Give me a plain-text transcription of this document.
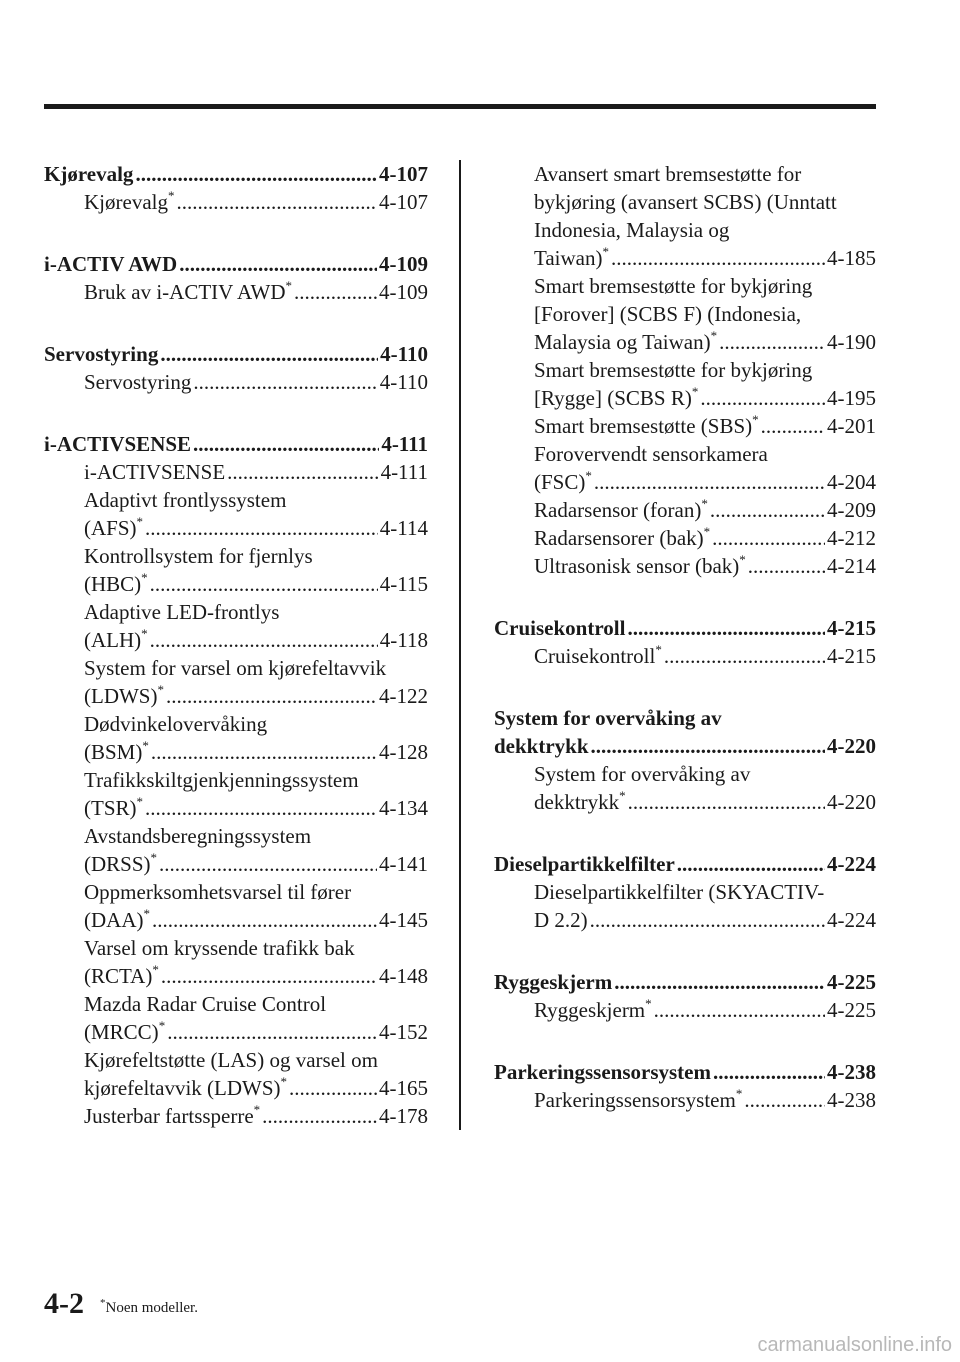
Kjørevalg .....	4-107
Kjørevalg* .....	4-107
i-ACTIV AWD .....	4-109
Bruk av i-ACTIV AWD* .....	4-109
Servostyring .....	4-110
Servostyring .....	4-110
i-ACTIVSENSE .....	4-111
i-ACTIVSENSE .....	4-111
Adaptivt frontlyssystem
(AFS)* .....	4-114
Kontrollsystem for fjernlys
(HBC)* .....	4-115
Adaptive LED-frontlys
(ALH)* .....	4-118
System for varsel om kjørefeltavvik
(LDWS)* .....	4-122
Dødvinkelovervåking
(BSM)* .....	4-128
Trafikkskiltgjenkjenningssystem
(TSR)* .....	4-134
Avstandsberegningssystem
(DRSS)* .....	4-141
Oppmerksomhetsvarsel til fører
(DAA)* .....	4-145
Varsel om kryssende trafikk bak
(RCTA)* .....	4-148
Mazda Radar Cruise Control
(MRCC)* .....	4-152
Kjørefeltstøtte (LAS) og varsel om
kjørefeltavvik (LDWS)* .....	4-165
Justerbar fartssperre* .....	4-178
Avansert smart bremsestøtte for
bykjøring (avansert SCBS) (Unntatt
Indonesia, Malaysia og
Taiwan)* .....	4-185
Smart bremsestøtte for bykjøring
[Forover] (SCBS F) (Indonesia,
Malaysia og Taiwan)* .....	4-190
Smart bremsestøtte for bykjøring
[Rygge] (SCBS R)* .....	4-195
Smart bremsestøtte (SBS)* .....	4-201
Forovervendt sensorkamera
(FSC)* .....	4-204
Radarsensor (foran)* .....	4-209
Radarsensorer (bak)* .....	4-212
Ultrasonisk sensor (bak)* .....	4-214
Cruisekontroll .....	4-215
Cruisekontroll* .....	4-215
System for overvåking av
dekktrykk .....	4-220
System for overvåking av
dekktrykk* .....	4-220
Dieselpartikkelfilter .....	4-224
Dieselpartikkelfilter (SKYACTIV-
D 2.2) .....	4-224
Ryggeskjerm .....	4-225
Ryggeskjerm* .....	4-225
Parkeringssensorsystem .....	4-238
Parkeringssensorsystem* .....	4-238
4-2 *Noen modeller.
carmanualsonline.info
